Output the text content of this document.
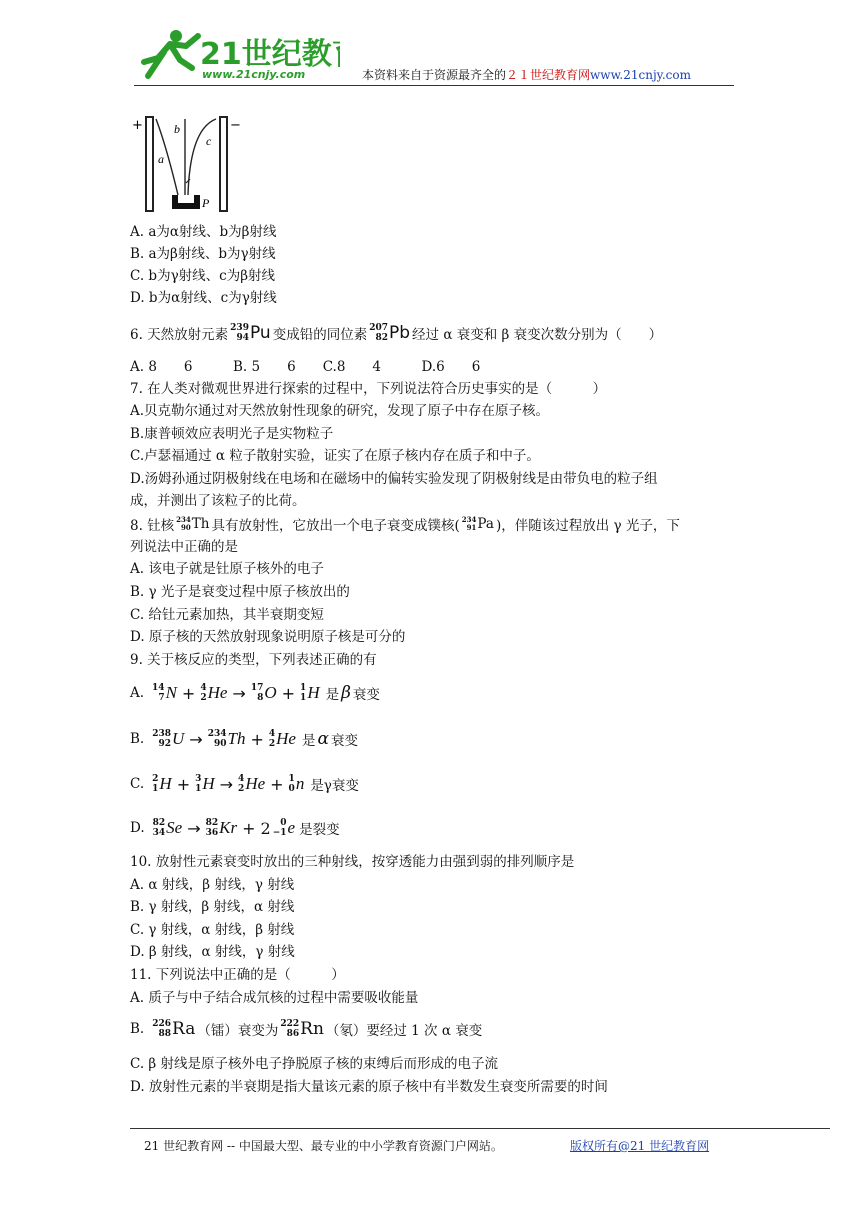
21世纪教
www.21cnjy.com	本资料来自于资源最齐全的２１世纪教育网www.21cnjy.com
+	−
a
b
c
P
A. a为α射线、b为β射线
B. a为β射线、b为γ射线
C. b为γ射线、c为β射线
D. b为α射线、c为γ射线
6. 天然放射元素 239
94 Pu 变成铅的同位素 207
82 Pb 经过 α 衰变和 β 衰变次数分别为（　　）
A. 8　　6　　　B. 5　　6　　C.8　　4　　　D.6　　6
7. 在人类对微观世界进行探索的过程中，下列说法符合历史事实的是（　　　）
A.贝克勒尔通过对天然放射性现象的研究，发现了原子中存在原子核。
B.康普顿效应表明光子是实物粒子
C.卢瑟福通过 α 粒子散射实验，证实了在原子核内存在质子和中子。
D.汤姆孙通过阴极射线在电场和在磁场中的偏转实验发现了阴极射线是由带负电的粒子组
成，并测出了该粒子的比荷。
8. 钍核 234
90 Th 具有放射性，它放出一个电子衰变成镤核( 234
91 Pa )，伴随该过程放出 γ 光子，下
列说法中正确的是
A. 该电子就是钍原子核外的电子
B. γ 光子是衰变过程中原子核放出的
C. 给钍元素加热，其半衰期变短
D. 原子核的天然放射现象说明原子核是可分的
9. 关于核反应的类型，下列表述正确的有
A. 14
7 N + 4
2 He → 17
8 O + 1
1 H 是 β 衰变
B. 238
92 U → 234
90 Th + 4
2 He 是 α 衰变
C. 2
1 H + 3
1 H → 4
2 He + 1
0 n 是γ衰变
D. 82
34 Se → 82
36 Kr + 2	0
−1 e 是裂变
10. 放射性元素衰变时放出的三种射线，按穿透能力由强到弱的排列顺序是
A. α 射线，β 射线，γ 射线
B. γ 射线，β 射线，α 射线
C. γ 射线，α 射线，β 射线
D. β 射线，α 射线，γ 射线
11. 下列说法中正确的是（　　　）
A. 质子与中子结合成氘核的过程中需要吸收能量
B. 226
88 Ra （镭）衰变为 222
86 Rn （氡）要经过 1 次 α 衰变
C. β 射线是原子核外电子挣脱原子核的束缚后而形成的电子流
D. 放射性元素的半衰期是指大量该元素的原子核中有半数发生衰变所需要的时间
21 世纪教育网 -- 中国最大型、最专业的中小学教育资源门户网站。	版权所有@21 世纪教育网
